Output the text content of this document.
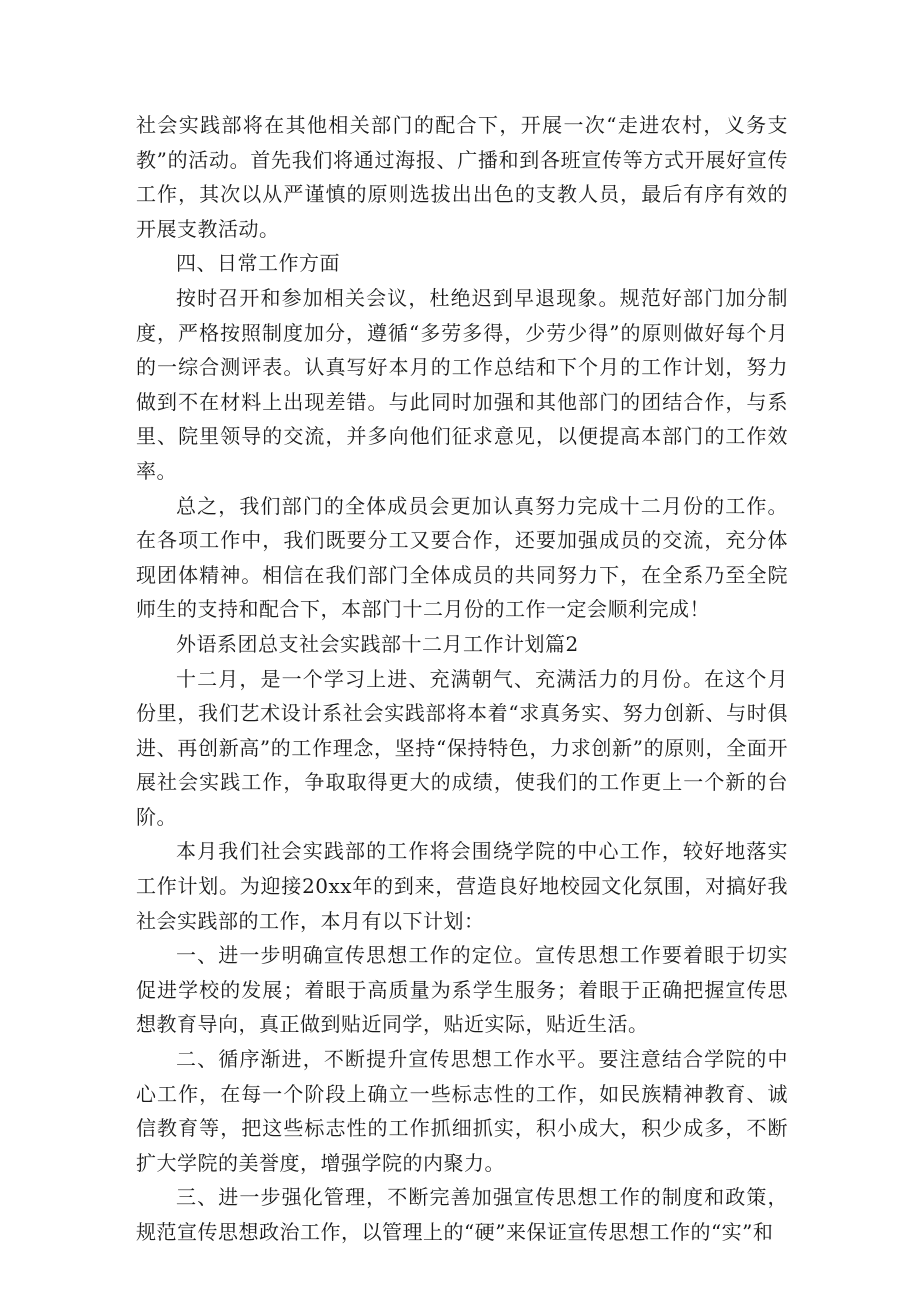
社会实践部将在其他相关部门的配合下，开展一次“走进农村，义务支教”的活动。首先我们将通过海报、广播和到各班宣传等方式开展好宣传工作，其次以从严谨慎的原则选拔出出色的支教人员，最后有序有效的开展支教活动。

四、日常工作方面

按时召开和参加相关会议，杜绝迟到早退现象。规范好部门加分制度，严格按照制度加分，遵循“多劳多得，少劳少得”的原则做好每个月的一综合测评表。认真写好本月的工作总结和下个月的工作计划，努力做到不在材料上出现差错。与此同时加强和其他部门的团结合作，与系里、院里领导的交流，并多向他们征求意见，以便提高本部门的工作效率。

总之，我们部门的全体成员会更加认真努力完成十二月份的工作。在各项工作中，我们既要分工又要合作，还要加强成员的交流，充分体现团体精神。相信在我们部门全体成员的共同努力下，在全系乃至全院师生的支持和配合下，本部门十二月份的工作一定会顺利完成！

外语系团总支社会实践部十二月工作计划篇2

十二月，是一个学习上进、充满朝气、充满活力的月份。在这个月份里，我们艺术设计系社会实践部将本着“求真务实、努力创新、与时俱进、再创新高”的工作理念，坚持“保持特色，力求创新”的原则，全面开展社会实践工作，争取取得更大的成绩，使我们的工作更上一个新的台阶。

本月我们社会实践部的工作将会围绕学院的中心工作，较好地落实工作计划。为迎接20xx年的到来，营造良好地校园文化氛围，对搞好我社会实践部的工作，本月有以下计划：

一、进一步明确宣传思想工作的定位。宣传思想工作要着眼于切实促进学校的发展；着眼于高质量为系学生服务；着眼于正确把握宣传思想教育导向，真正做到贴近同学，贴近实际，贴近生活。

二、循序渐进，不断提升宣传思想工作水平。要注意结合学院的中心工作，在每一个阶段上确立一些标志性的工作，如民族精神教育、诚信教育等，把这些标志性的工作抓细抓实，积小成大，积少成多，不断扩大学院的美誉度，增强学院的内聚力。

三、进一步强化管理，不断完善加强宣传思想工作的制度和政策，规范宣传思想政治工作，以管理上的“硬”来保证宣传思想工作的“实”和
